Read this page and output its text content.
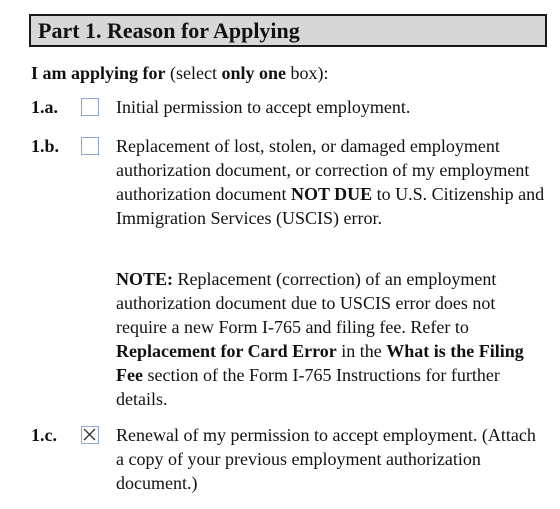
Part 1. Reason for Applying
I am applying for (select only one box):
1.a.	Initial permission to accept employment.

1.b.	Replacement of lost, stolen, or damaged employment authorization document, or correction of my employment authorization document NOT DUE to U.S. Citizenship and Immigration Services (USCIS) error.

NOTE: Replacement (correction) of an employment authorization document due to USCIS error does not require a new Form I-765 and filing fee. Refer to Replacement for Card Error in the What is the Filing Fee section of the Form I-765 Instructions for further details.

1.c.	Renewal of my permission to accept employment. (Attach a copy of your previous employment authorization document.)
